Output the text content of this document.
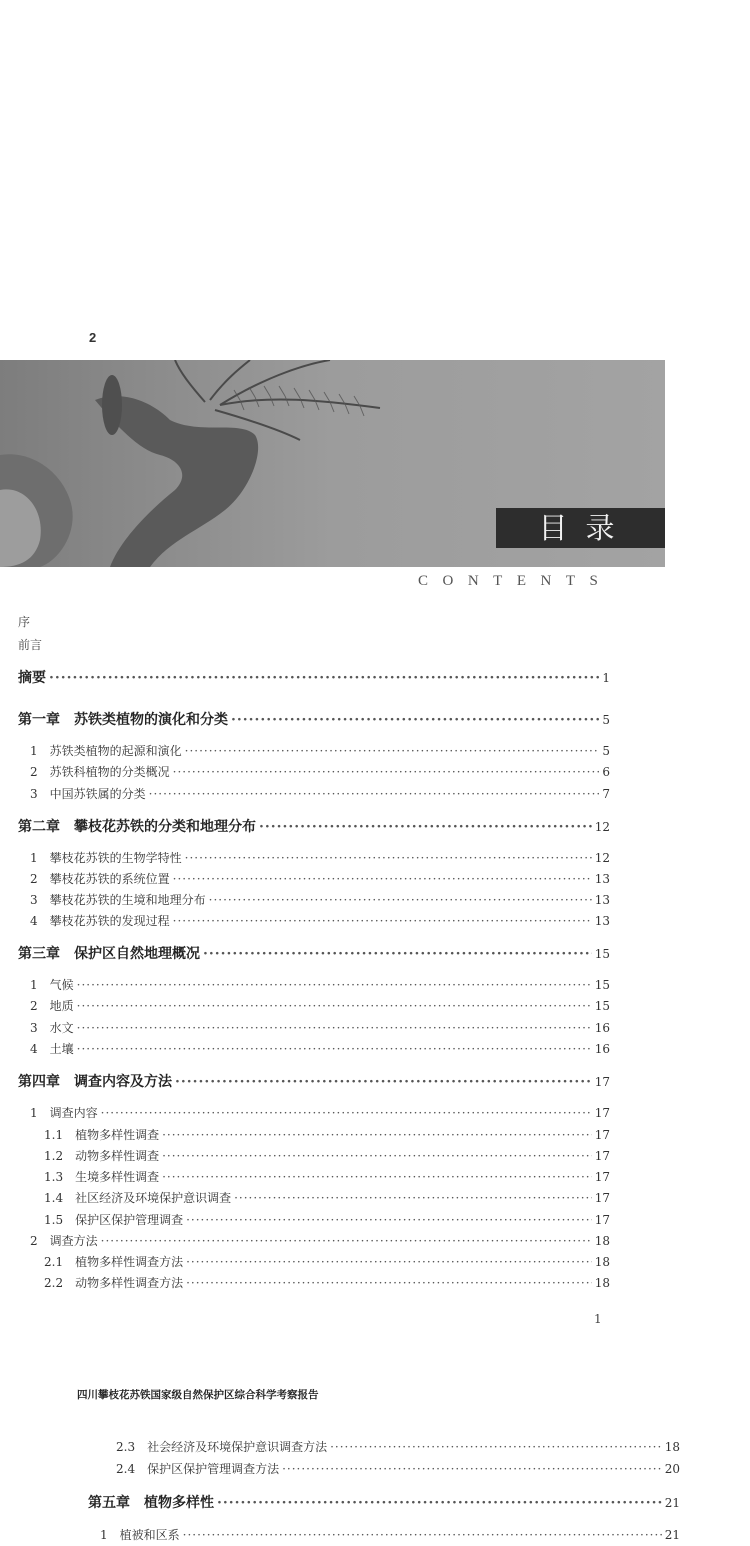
2
目录
CONTENTS
序
前言
摘要 ·····	1
第一章　苏铁类植物的演化和分类 ·····	5
1　苏铁类植物的起源和演化 ·····	5
2　苏铁科植物的分类概况 ·····	6
3　中国苏铁属的分类 ·····	7
第二章　攀枝花苏铁的分类和地理分布 ·····	12
1　攀枝花苏铁的生物学特性 ·····	12
2　攀枝花苏铁的系统位置 ·····	13
3　攀枝花苏铁的生境和地理分布 ·····	13
4　攀枝花苏铁的发现过程 ·····	13
第三章　保护区自然地理概况 ·····	15
1　气候 ·····	15
2　地质 ·····	15
3　水文 ·····	16
4　土壤 ·····	16
第四章　调查内容及方法 ·····	17
1　调查内容 ·····	17
1.1　植物多样性调查 ·····	17
1.2　动物多样性调查 ·····	17
1.3　生境多样性调查 ·····	17
1.4　社区经济及环境保护意识调查 ·····	17
1.5　保护区保护管理调查 ·····	17
2　调查方法 ·····	18
2.1　植物多样性调查方法 ·····	18
2.2　动物多样性调查方法 ·····	18
1
四川攀枝花苏铁国家级自然保护区综合科学考察报告
2.3　社会经济及环境保护意识调查方法 ·····	18
2.4　保护区保护管理调查方法 ·····	20
第五章　植物多样性 ·····	21
1　植被和区系 ·····	21
